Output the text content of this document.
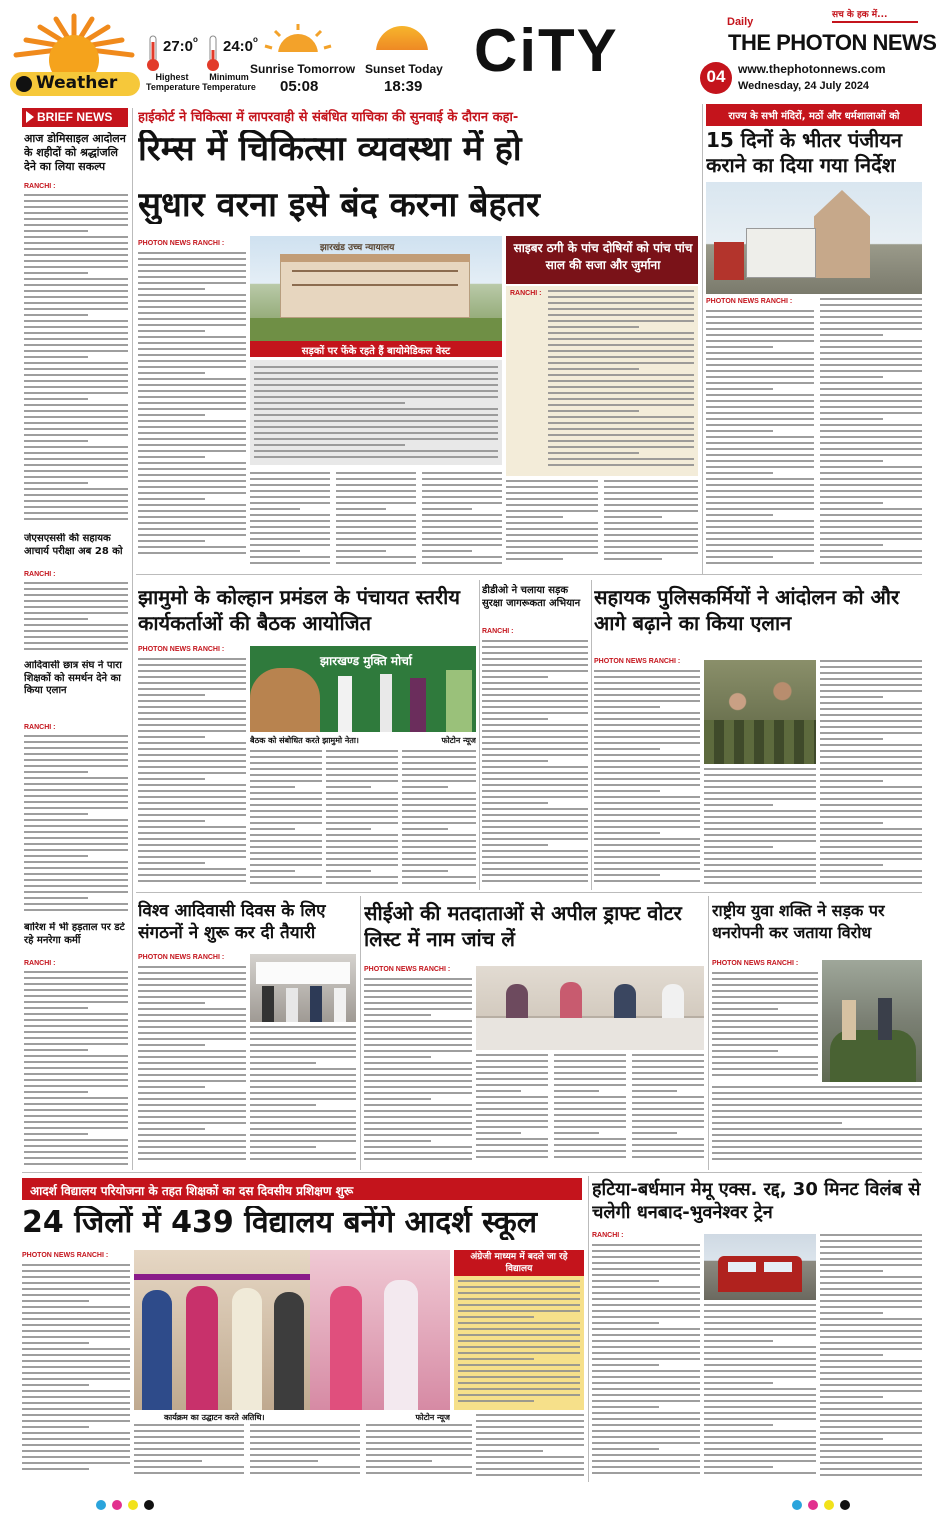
Weather
27:0 o
Highest
Temperature
24:0 o
Minimum
Temperature
Sunrise Tomorrow
05:08
Sunset Today
18:39
CiTY	Daily
सच के हक में...
THE PHOTON NEWS
04 www.thephotonnews.com
Wednesday, 24 July 2024
BRIEF NEWS
आज डोमिसाइल आदोलन के शहीदों को श्रद्धांजलि देने का लिया सकल्प
RANCHI :
जेएसएससी की सहायक आचार्य परीक्षा अब 28 को
RANCHI :
आदिवासी छात्र संघ ने पारा शिक्षकों को समर्थन देने का किया एलान
RANCHI :
बारिश में भी हड़ताल पर डटे रहे मनरेगा कर्मी
RANCHI :
हाईकोर्ट ने चिकित्सा में लापरवाही से संबंधित याचिका की सुनवाई के दौरान कहा-
रिम्स में चिकित्सा व्यवस्था में हो
सुधार वरना इसे बंद करना बेहतर
PHOTON NEWS RANCHI :	झारखंड उच्च न्यायालय
सड़कों पर फेंके रहते हैं बायोमेडिकल वेस्ट
साइबर ठगी के पांच दोषियों को पांच पांच साल की सजा और जुर्माना
RANCHI :
राज्य के सभी मंदिरों, मठों और धर्मशालाओं को
15 दिनों के भीतर पंजीयन कराने का दिया गया निर्देश
PHOTON NEWS RANCHI :
झामुमो के कोल्हान प्रमंडल के पंचायत स्तरीय कार्यकर्ताओं की बैठक आयोजित
PHOTON NEWS RANCHI :
झारखण्ड मुक्ति मोर्चा
बैठक को संबोधित करते झामुमो नेता।	फोटोन न्यूज
डीडीओ ने चलाया सड़क सुरक्षा जागरूकता अभियान
RANCHI :
सहायक पुलिसकर्मियों ने आंदोलन को और आगे बढ़ाने का किया एलान
PHOTON NEWS RANCHI :
विश्व आदिवासी दिवस के लिए संगठनों ने शुरू कर दी तैयारी
PHOTON NEWS RANCHI :
सीईओ की मतदाताओं से अपील ड्राफ्ट वोटर लिस्ट में नाम जांच लें
PHOTON NEWS RANCHI :
राष्ट्रीय युवा शक्ति ने सड़क पर धनरोपनी कर जताया विरोध
PHOTON NEWS RANCHI :
आदर्श विद्यालय परियोजना के तहत शिक्षकों का दस दिवसीय प्रशिक्षण शुरू
24 जिलों में 439 विद्यालय बनेंगे आदर्श स्कूल
PHOTON NEWS RANCHI :
कार्यक्रम का उद्घाटन करते अतिथि।	फोटोन न्यूज
अंग्रेजी माध्यम में बदले जा रहे विद्यालय
हटिया-बर्धमान मेमू एक्स. रद्द, 30 मिनट विलंब से चलेगी धनबाद-भुवनेश्वर ट्रेन
RANCHI :
